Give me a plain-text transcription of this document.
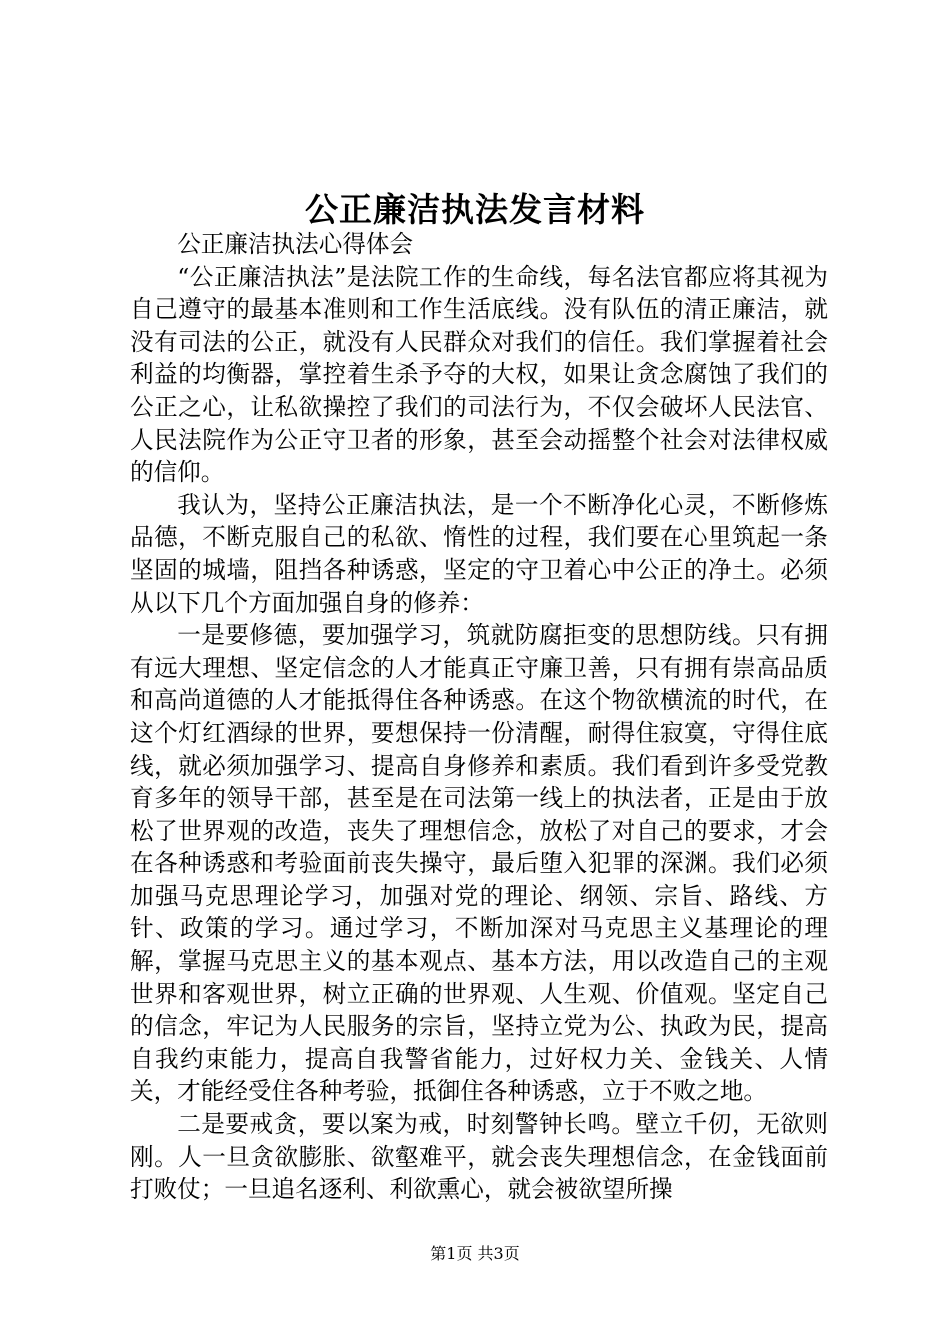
公正廉洁执法发言材料

公正廉洁执法心得体会

“公正廉洁执法”是法院工作的生命线，每名法官都应将其视为自己遵守的最基本准则和工作生活底线。没有队伍的清正廉洁，就没有司法的公正，就没有人民群众对我们的信任。我们掌握着社会利益的均衡器，掌控着生杀予夺的大权，如果让贪念腐蚀了我们的公正之心，让私欲操控了我们的司法行为，不仅会破坏人民法官、人民法院作为公正守卫者的形象，甚至会动摇整个社会对法律权威的信仰。

我认为，坚持公正廉洁执法，是一个不断净化心灵，不断修炼品德，不断克服自己的私欲、惰性的过程，我们要在心里筑起一条坚固的城墙，阻挡各种诱惑，坚定的守卫着心中公正的净土。必须从以下几个方面加强自身的修养：

一是要修德，要加强学习，筑就防腐拒变的思想防线。只有拥有远大理想、坚定信念的人才能真正守廉卫善，只有拥有崇高品质和高尚道德的人才能抵得住各种诱惑。在这个物欲横流的时代，在这个灯红酒绿的世界，要想保持一份清醒，耐得住寂寞，守得住底线，就必须加强学习、提高自身修养和素质。我们看到许多受党教育多年的领导干部，甚至是在司法第一线上的执法者，正是由于放松了世界观的改造，丧失了理想信念，放松了对自己的要求，才会在各种诱惑和考验面前丧失操守，最后堕入犯罪的深渊。我们必须加强马克思理论学习，加强对党的理论、纲领、宗旨、路线、方针、政策的学习。通过学习，不断加深对马克思主义基理论的理解，掌握马克思主义的基本观点、基本方法，用以改造自己的主观世界和客观世界，树立正确的世界观、人生观、价值观。坚定自己的信念，牢记为人民服务的宗旨，坚持立党为公、执政为民，提高自我约束能力，提高自我警省能力，过好权力关、金钱关、人情关，才能经受住各种考验，抵御住各种诱惑，立于不败之地。

二是要戒贪，要以案为戒，时刻警钟长鸣。壁立千仞，无欲则刚。人一旦贪欲膨胀、欲壑难平，就会丧失理想信念，在金钱面前打败仗；一旦追名逐利、利欲熏心，就会被欲望所操

第1页 共3页
